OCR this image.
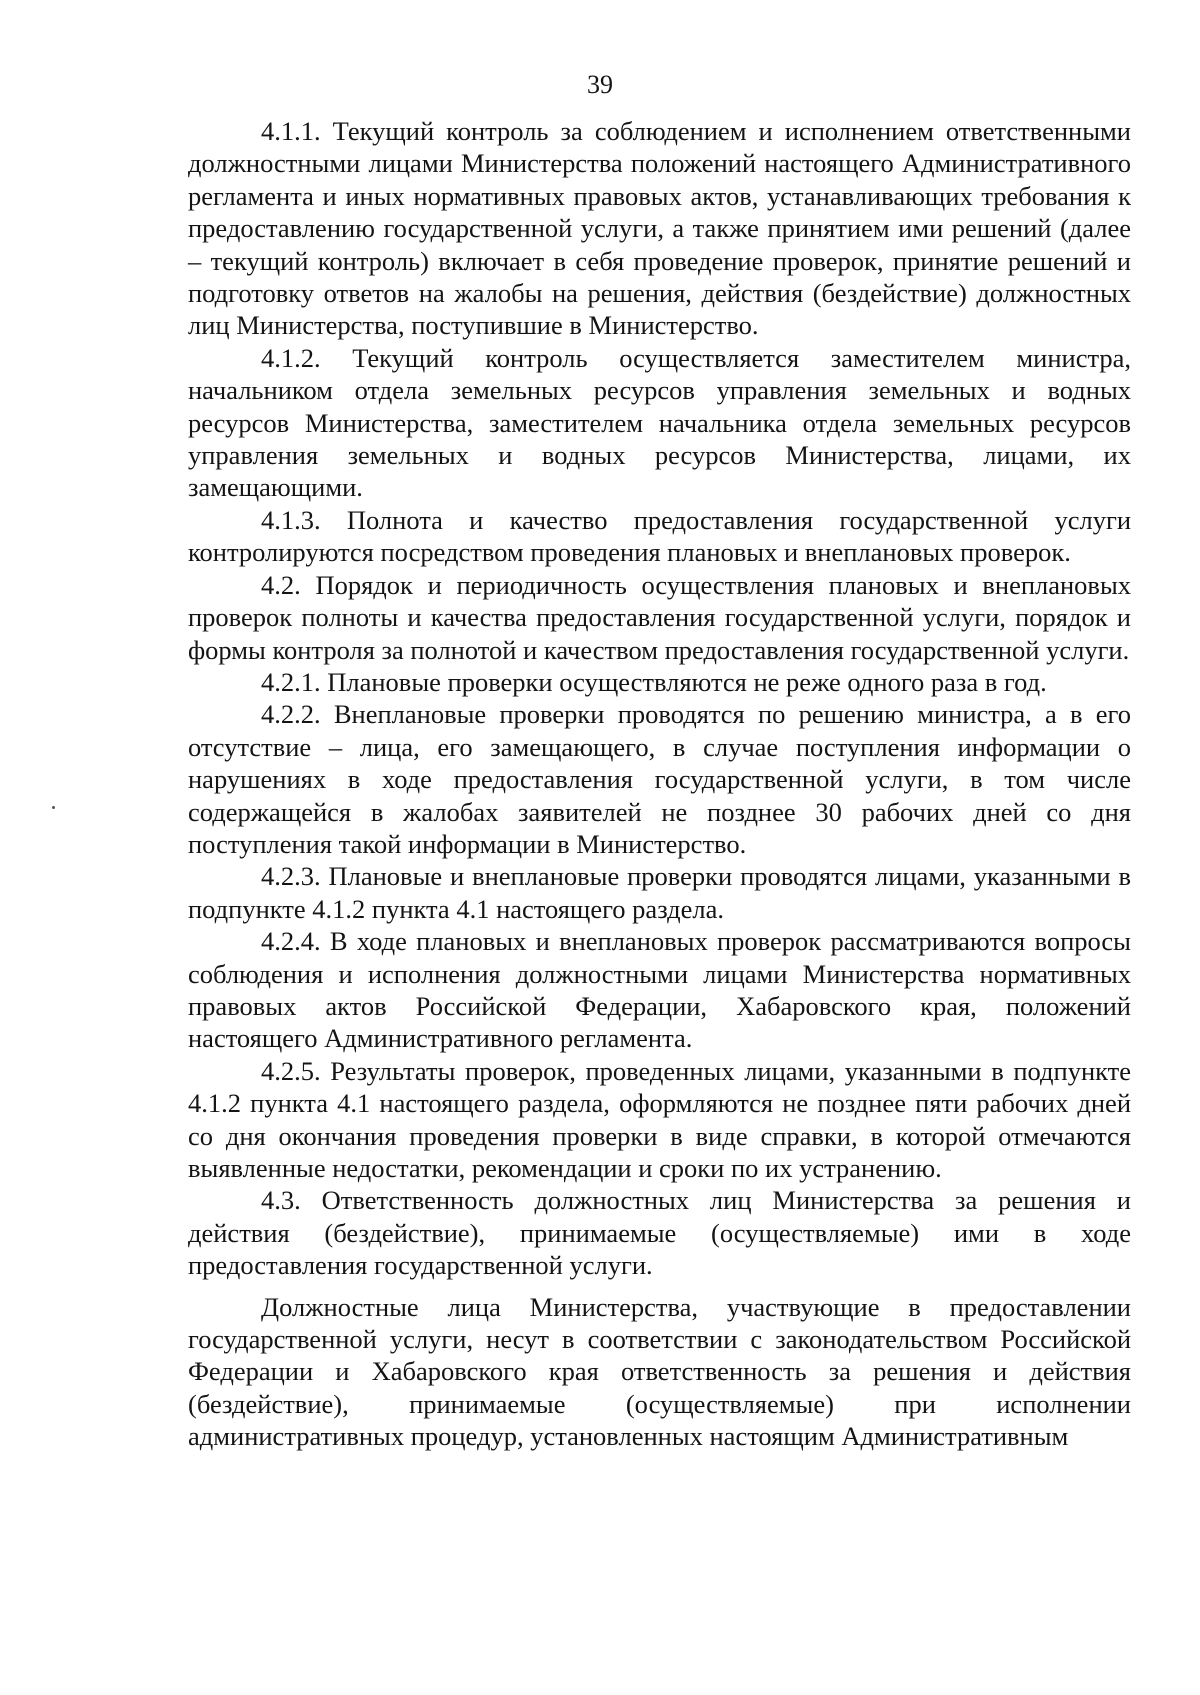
39

4.1.1. Текущий контроль за соблюдением и исполнением ответственными должностными лицами Министерства положений настоящего Административного регламента и иных нормативных правовых актов, устанавливающих требования к предоставлению государственной услуги, а также принятием ими решений (далее – текущий контроль) включает в себя проведение проверок, принятие решений и подготовку ответов на жалобы на решения, действия (бездействие) должностных лиц Министерства, поступившие в Министерство.

4.1.2. Текущий контроль осуществляется заместителем министра, начальником отдела земельных ресурсов управления земельных и водных ресурсов Министерства, заместителем начальника отдела земельных ресурсов управления земельных и водных ресурсов Министерства, лицами, их замещающими.

4.1.3. Полнота и качество предоставления государственной услуги контролируются посредством проведения плановых и внеплановых проверок.

4.2. Порядок и периодичность осуществления плановых и внеплановых проверок полноты и качества предоставления государственной услуги, порядок и формы контроля за полнотой и качеством предоставления государственной услуги.

4.2.1. Плановые проверки осуществляются не реже одного раза в год.

4.2.2. Внеплановые проверки проводятся по решению министра, а в его отсутствие – лица, его замещающего, в случае поступления информации о нарушениях в ходе предоставления государственной услуги, в том числе содержащейся в жалобах заявителей не позднее 30 рабочих дней со дня поступления такой информации в Министерство.

4.2.3. Плановые и внеплановые проверки проводятся лицами, указанными в подпункте 4.1.2 пункта 4.1 настоящего раздела.

4.2.4. В ходе плановых и внеплановых проверок рассматриваются вопросы соблюдения и исполнения должностными лицами Министерства нормативных правовых актов Российской Федерации, Хабаровского края, положений настоящего Административного регламента.

4.2.5. Результаты проверок, проведенных лицами, указанными в подпункте 4.1.2 пункта 4.1 настоящего раздела, оформляются не позднее пяти рабочих дней со дня окончания проведения проверки в виде справки, в которой отмечаются выявленные недостатки, рекомендации и сроки по их устранению.

4.3. Ответственность должностных лиц Министерства за решения и действия (бездействие), принимаемые (осуществляемые) ими в ходе предоставления государственной услуги.

Должностные лица Министерства, участвующие в предоставлении государственной услуги, несут в соответствии с законодательством Российской Федерации и Хабаровского края ответственность за решения и действия (бездействие), принимаемые (осуществляемые) при исполнении административных процедур, установленных настоящим Административным
